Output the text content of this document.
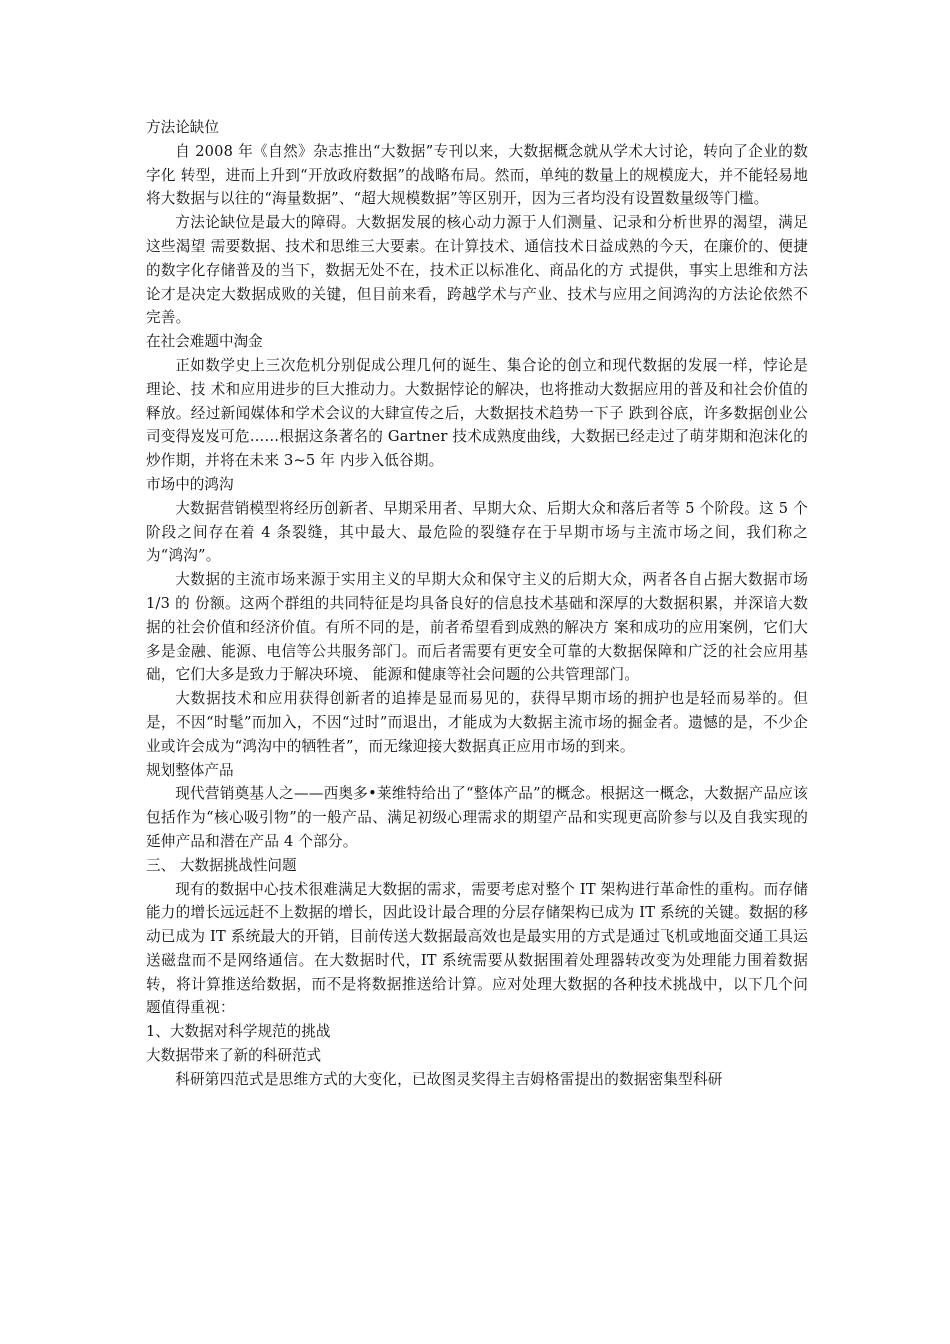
方法论缺位

自 2008 年《自然》杂志推出“大数据”专刊以来，大数据概念就从学术大讨论，转向了企业的数字化 转型，进而上升到“开放政府数据”的战略布局。然而，单纯的数量上的规模庞大，并不能轻易地将大数据与以往的“海量数据”、“超大规模数据”等区别开，因为三者均没有设置数量级等门槛。

方法论缺位是最大的障碍。大数据发展的核心动力源于人们测量、记录和分析世界的渴望，满足这些渴望 需要数据、技术和思维三大要素。在计算技术、通信技术日益成熟的今天，在廉价的、便捷的数字化存储普及的当下，数据无处不在，技术正以标准化、商品化的方 式提供，事实上思维和方法论才是决定大数据成败的关键，但目前来看，跨越学术与产业、技术与应用之间鸿沟的方法论依然不完善。

在社会难题中淘金

正如数学史上三次危机分别促成公理几何的诞生、集合论的创立和现代数据的发展一样，悖论是理论、技 术和应用进步的巨大推动力。大数据悖论的解决，也将推动大数据应用的普及和社会价值的释放。经过新闻媒体和学术会议的大肆宣传之后，大数据技术趋势一下子 跌到谷底，许多数据创业公司变得岌岌可危……根据这条著名的 Gartner 技术成熟度曲线，大数据已经走过了萌芽期和泡沫化的炒作期，并将在未来 3~5 年 内步入低谷期。

市场中的鸿沟

大数据营销模型将经历创新者、早期采用者、早期大众、后期大众和落后者等 5 个阶段。这 5 个阶段之间存在着 4 条裂缝，其中最大、最危险的裂缝存在于早期市场与主流市场之间，我们称之为“鸿沟”。

大数据的主流市场来源于实用主义的早期大众和保守主义的后期大众，两者各自占据大数据市场 1/3 的 份额。这两个群组的共同特征是均具备良好的信息技术基础和深厚的大数据积累，并深谙大数据的社会价值和经济价值。有所不同的是，前者希望看到成熟的解决方 案和成功的应用案例，它们大多是金融、能源、电信等公共服务部门。而后者需要有更安全可靠的大数据保障和广泛的社会应用基础，它们大多是致力于解决环境、 能源和健康等社会问题的公共管理部门。

大数据技术和应用获得创新者的追捧是显而易见的，获得早期市场的拥护也是轻而易举的。但是，不因“时髦”而加入，不因“过时”而退出，才能成为大数据主流市场的掘金者。遗憾的是，不少企业或许会成为“鸿沟中的牺牲者”，而无缘迎接大数据真正应用市场的到来。

规划整体产品

现代营销奠基人之——西奥多•莱维特给出了“整体产品”的概念。根据这一概念，大数据产品应该包括作为“核心吸引物”的一般产品、满足初级心理需求的期望产品和实现更高阶参与以及自我实现的延伸产品和潜在产品 4 个部分。

三、 大数据挑战性问题

现有的数据中心技术很难满足大数据的需求，需要考虑对整个 IT 架构进行革命性的重构。而存储能力的增长远远赶不上数据的增长，因此设计最合理的分层存储架构已成为 IT 系统的关键。数据的移动已成为 IT 系统最大的开销，目前传送大数据最高效也是最实用的方式是通过飞机或地面交通工具运送磁盘而不是网络通信。在大数据时代，IT 系统需要从数据围着处理器转改变为处理能力围着数据转，将计算推送给数据，而不是将数据推送给计算。应对处理大数据的各种技术挑战中，以下几个问题值得重视：

1、大数据对科学规范的挑战

大数据带来了新的科研范式

科研第四范式是思维方式的大变化，已故图灵奖得主吉姆格雷提出的数据密集型科研
